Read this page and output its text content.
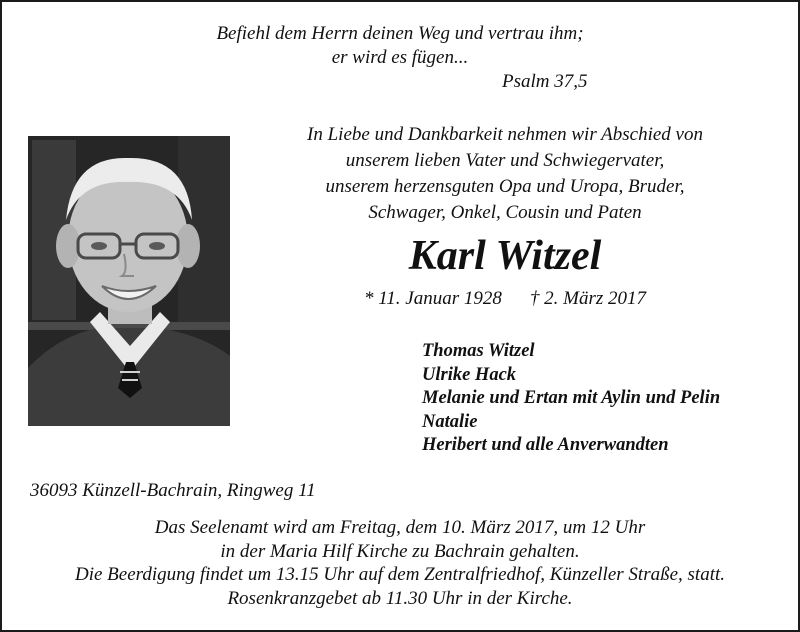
Befiehl dem Herrn deinen Weg und vertrau ihm;
er wird es fügen...
Psalm 37,5
In Liebe und Dankbarkeit nehmen wir Abschied von
unserem lieben Vater und Schwiegervater,
unserem herzensguten Opa und Uropa, Bruder,
Schwager, Onkel, Cousin und Paten
Karl Witzel
* 11. Januar 1928 † 2. März 2017
Thomas Witzel
Ulrike Hack
Melanie und Ertan mit Aylin und Pelin
Natalie
Heribert und alle Anverwandten
36093 Künzell-Bachrain, Ringweg 11
Das Seelenamt wird am Freitag, dem 10. März 2017, um 12 Uhr
in der Maria Hilf Kirche zu Bachrain gehalten.
Die Beerdigung findet um 13.15 Uhr auf dem Zentralfriedhof, Künzeller Straße, statt.
Rosenkranzgebet ab 11.30 Uhr in der Kirche.
